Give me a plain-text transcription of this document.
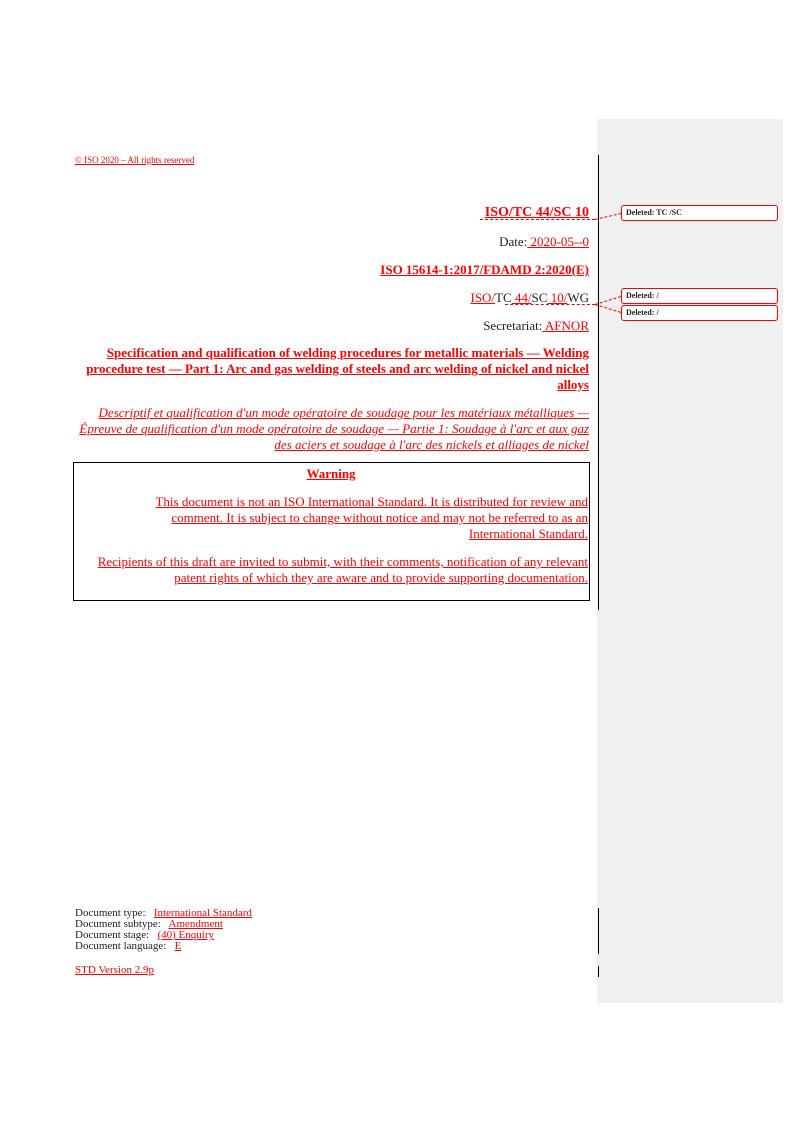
© ISO 2020 – All rights reserved
ISO/TC 44/SC 10
Date: 2020-05--0
ISO 15614-1:2017/FDAMD 2:2020(E)
ISO/TC 44/SC 10/WG
Secretariat: AFNOR
Specification and qualification of welding procedures for metallic materials — Welding procedure test — Part 1: Arc and gas welding of steels and arc welding of nickel and nickel alloys
Descriptif et qualification d'un mode opératoire de soudage pour les matériaux métalliques — Épreuve de qualification d'un mode opératoire de soudage — Partie 1: Soudage à l'arc et aux gaz des aciers et soudage à l'arc des nickels et alliages de nickel

Warning

This document is not an ISO International Standard. It is distributed for review and comment. It is subject to change without notice and may not be referred to as an International Standard.

Recipients of this draft are invited to submit, with their comments, notification of any relevant patent rights of which they are aware and to provide supporting documentation.

Document type: International Standard
Document subtype: Amendment
Document stage: (40) Enquiry
Document language: E
STD Version 2.9p
Deleted: TC /SC
Deleted: /
Deleted: /
